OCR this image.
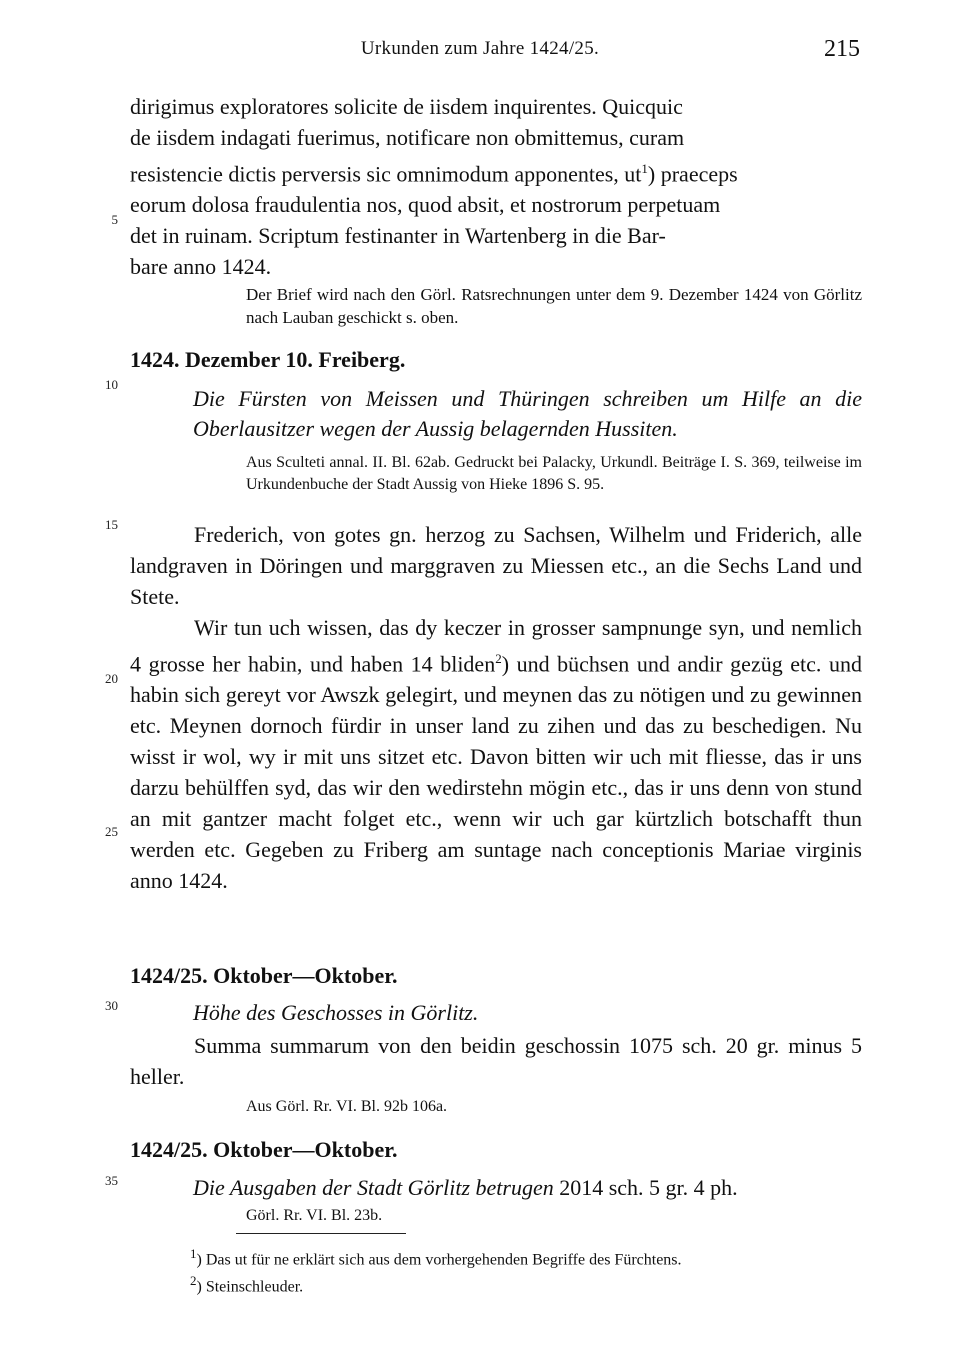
Urkunden zum Jahre 1424/25.	215
5
10
15
20
25
30
35
dirigimus exploratores solicite de iisdem inquirentes. Quicquic
de iisdem indagati fuerimus, notificare non obmittemus, curam
resistencie dictis perversis sic omnimodum apponentes, $ut^1$) praeceps
eorum dolosa fraudulentia nos, quod absit, et nostrorum perpetuam
det in ruinam. Scriptum festinanter in Wartenberg in die Bar-
bare anno 1424.

Der Brief wird nach den Görl. Ratsrechnungen unter dem 9. Dezember 1424 von Görlitz nach Lauban geschickt s. oben.

1424. Dezember 10. Freiberg.

Die Fürsten von Meissen und Thüringen schreiben um Hilfe an die Oberlausitzer wegen der Aussig belagernden Hussiten.

Aus Sculteti annal. II. Bl. 62ab. Gedruckt bei Palacky, Urkundl. Beiträge I. S. 369, teilweise im Urkundenbuche der Stadt Aussig von Hieke 1896 S. 95.

Frederich, von gotes gn. herzog zu Sachsen, Wilhelm und Friderich, alle landgraven in Döringen und marggraven zu Miessen etc., an die Sechs Land und Stete.

Wir tun uch wissen, das dy keczer in grosser sampnunge syn, und nemlich 4 grosse her habin, und haben 14 bliden$^2$) und büchsen und andir gezüg etc. und habin sich gereyt vor Awszk gelegirt, und meynen das zu nötigen und zu gewinnen etc. Meynen dornoch fürdir in unser land zu zihen und das zu beschedigen. Nu wisst ir wol, wy ir mit uns sitzet etc. Davon bitten wir uch mit fliesse, das ir uns darzu behülffen syd, das wir den wedirstehn mögin etc., das ir uns denn von stund an mit gantzer macht folget etc., wenn wir uch gar kürtzlich botschafft thun werden etc. Gegeben zu Friberg am suntage nach conceptionis Mariae virginis anno 1424.

1424/25. Oktober—Oktober.

Höhe des Geschosses in Görlitz.

Summa summarum von den beidin geschossin 1075 sch. 20 gr. minus 5 heller.

Aus Görl. Rr. VI. Bl. 92b 106a.

1424/25. Oktober—Oktober.

Die Ausgaben der Stadt Görlitz betrugen 2014 sch. 5 gr. 4 ph.

Görl. Rr. VI. Bl. 23b.

$^1$) Das ut für ne erklärt sich aus dem vorhergehenden Begriffe des Fürchtens.
$^2$) Steinschleuder.
